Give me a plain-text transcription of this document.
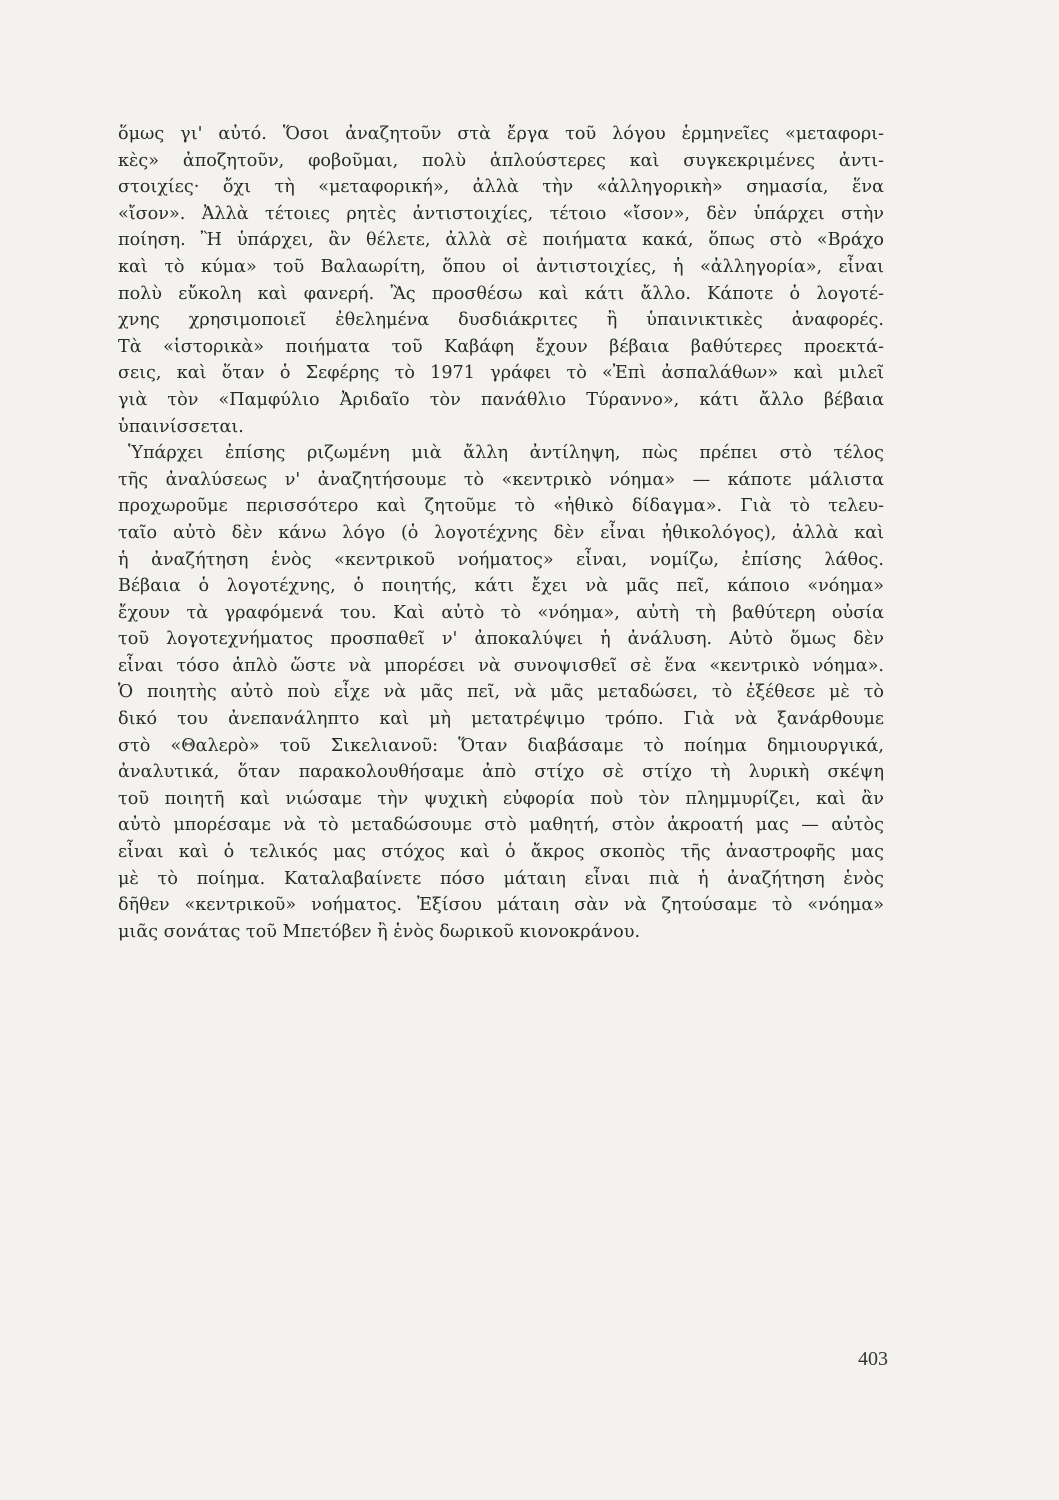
ὅμως γι' αὐτό. Ὅσοι ἀναζητοῦν στὰ ἔργα τοῦ λόγου ἑρμηνεῖες «μεταφορι-
κὲς» ἀποζητοῦν, φοβοῦμαι, πολὺ ἁπλούστερες καὶ συγκεκριμένες ἀντι-
στοιχίες· ὄχι τὴ «μεταφορική», ἀλλὰ τὴν «ἀλληγορικὴ» σημασία, ἕνα
«ἴσον». Ἀλλὰ τέτοιες ρητὲς ἀντιστοιχίες, τέτοιο «ἴσον», δὲν ὑπάρχει στὴν
ποίηση. Ἢ ὑπάρχει, ἂν θέλετε, ἀλλὰ σὲ ποιήματα κακά, ὅπως στὸ «Βράχο
καὶ τὸ κύμα» τοῦ Βαλαωρίτη, ὅπου οἱ ἀντιστοιχίες, ἡ «ἀλληγορία», εἶναι
πολὺ εὔκολη καὶ φανερή. Ἂς προσθέσω καὶ κάτι ἄλλο. Κάποτε ὁ λογοτέ-
χνης χρησιμοποιεῖ ἐθελημένα δυσδιάκριτες ἢ ὑπαινικτικὲς ἀναφορές.
Τὰ «ἱστορικὰ» ποιήματα τοῦ Καβάφη ἔχουν βέβαια βαθύτερες προεκτά-
σεις, καὶ ὅταν ὁ Σεφέρης τὸ 1971 γράφει τὸ «Ἐπὶ ἀσπαλάθων» καὶ μιλεῖ
γιὰ τὸν «Παμφύλιο Ἀριδαῖο τὸν πανάθλιο Τύραννο», κάτι ἄλλο βέβαια
ὑπαινίσσεται.
Ὑπάρχει ἐπίσης ριζωμένη μιὰ ἄλλη ἀντίληψη, πὼς πρέπει στὸ τέλος
τῆς ἀναλύσεως ν' ἀναζητήσουμε τὸ «κεντρικὸ νόημα» — κάποτε μάλιστα
προχωροῦμε περισσότερο καὶ ζητοῦμε τὸ «ἠθικὸ δίδαγμα». Γιὰ τὸ τελευ-
ταῖο αὐτὸ δὲν κάνω λόγο (ὁ λογοτέχνης δὲν εἶναι ἠθικολόγος), ἀλλὰ καὶ
ἡ ἀναζήτηση ἑνὸς «κεντρικοῦ νοήματος» εἶναι, νομίζω, ἐπίσης λάθος.
Βέβαια ὁ λογοτέχνης, ὁ ποιητής, κάτι ἔχει νὰ μᾶς πεῖ, κάποιο «νόημα»
ἔχουν τὰ γραφόμενά του. Καὶ αὐτὸ τὸ «νόημα», αὐτὴ τὴ βαθύτερη οὐσία
τοῦ λογοτεχνήματος προσπαθεῖ ν' ἀποκαλύψει ἡ ἀνάλυση. Αὐτὸ ὅμως δὲν
εἶναι τόσο ἁπλὸ ὥστε νὰ μπορέσει νὰ συνοψισθεῖ σὲ ἕνα «κεντρικὸ νόημα».
Ὁ ποιητὴς αὐτὸ ποὺ εἶχε νὰ μᾶς πεῖ, νὰ μᾶς μεταδώσει, τὸ ἐξέθεσε μὲ τὸ
δικό του ἀνεπανάληπτο καὶ μὴ μετατρέψιμο τρόπο. Γιὰ νὰ ξανάρθουμε
στὸ «Θαλερὸ» τοῦ Σικελιανοῦ: Ὅταν διαβάσαμε τὸ ποίημα δημιουργικά,
ἀναλυτικά, ὅταν παρακολουθήσαμε ἀπὸ στίχο σὲ στίχο τὴ λυρικὴ σκέψη
τοῦ ποιητῆ καὶ νιώσαμε τὴν ψυχικὴ εὐφορία ποὺ τὸν πλημμυρίζει, καὶ ἂν
αὐτὸ μπορέσαμε νὰ τὸ μεταδώσουμε στὸ μαθητή, στὸν ἀκροατή μας — αὐτὸς
εἶναι καὶ ὁ τελικός μας στόχος καὶ ὁ ἄκρος σκοπὸς τῆς ἀναστροφῆς μας
μὲ τὸ ποίημα. Καταλαβαίνετε πόσο μάταιη εἶναι πιὰ ἡ ἀναζήτηση ἑνὸς
δῆθεν «κεντρικοῦ» νοήματος. Ἐξίσου μάταιη σὰν νὰ ζητούσαμε τὸ «νόημα»
μιᾶς σονάτας τοῦ Μπετόβεν ἢ ἑνὸς δωρικοῦ κιονοκράνου.
403
